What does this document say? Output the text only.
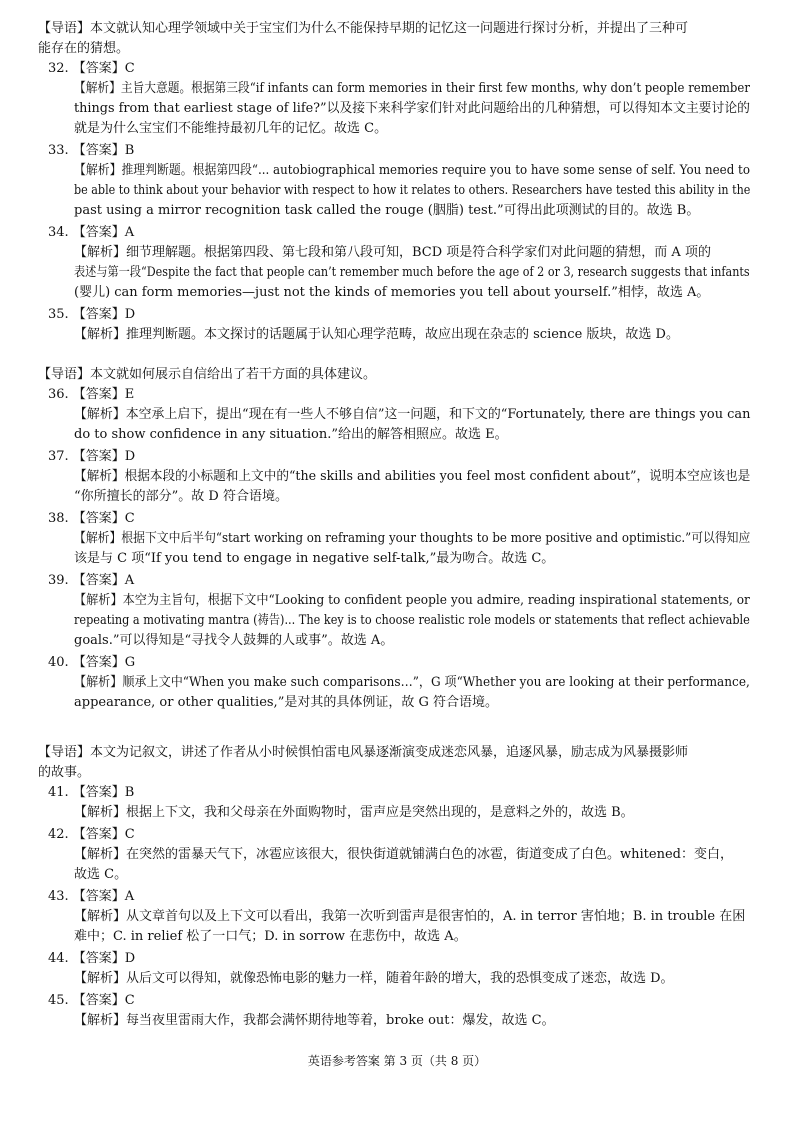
【导语】本文就认知心理学领域中关于宝宝们为什么不能保持早期的记忆这一问题进行探讨分析，并提出了三种可
能存在的猜想。
32. 【答案】C
【解析】主旨大意题。根据第三段“if infants can form memories in their first few months, why don’t people remember
things from that earliest stage of life?”以及接下来科学家们针对此问题给出的几种猜想，可以得知本文主要讨论的
就是为什么宝宝们不能维持最初几年的记忆。故选 C。
33. 【答案】B
【解析】推理判断题。根据第四段“... autobiographical memories require you to have some sense of self. You need to
be able to think about your behavior with respect to how it relates to others. Researchers have tested this ability in the
past using a mirror recognition task called the rouge (胭脂) test.”可得出此项测试的目的。故选 B。
34. 【答案】A
【解析】细节理解题。根据第四段、第七段和第八段可知，BCD 项是符合科学家们对此问题的猜想，而 A 项的
表述与第一段“Despite the fact that people can’t remember much before the age of 2 or 3, research suggests that infants
(婴儿) can form memories—just not the kinds of memories you tell about yourself.”相悖，故选 A。
35. 【答案】D
【解析】推理判断题。本文探讨的话题属于认知心理学范畴，故应出现在杂志的 science 版块，故选 D。
【导语】本文就如何展示自信给出了若干方面的具体建议。
36. 【答案】E
【解析】本空承上启下，提出“现在有一些人不够自信”这一问题，和下文的“Fortunately, there are things you can
do to show confidence in any situation.”给出的解答相照应。故选 E。
37. 【答案】D
【解析】根据本段的小标题和上文中的“the skills and abilities you feel most confident about”，说明本空应该也是
“你所擅长的部分”。故 D 符合语境。
38. 【答案】C
【解析】根据下文中后半句“start working on reframing your thoughts to be more positive and optimistic.”可以得知应
该是与 C 项“If you tend to engage in negative self-talk,”最为吻合。故选 C。
39. 【答案】A
【解析】本空为主旨句，根据下文中“Looking to confident people you admire, reading inspirational statements, or
repeating a motivating mantra (祷告)... The key is to choose realistic role models or statements that reflect achievable
goals.”可以得知是“寻找令人鼓舞的人或事”。故选 A。
40. 【答案】G
【解析】顺承上文中“When you make such comparisons…”，G 项“Whether you are looking at their performance,
appearance, or other qualities,”是对其的具体例证，故 G 符合语境。
【导语】本文为记叙文，讲述了作者从小时候惧怕雷电风暴逐渐演变成迷恋风暴，追逐风暴，励志成为风暴摄影师
的故事。
41. 【答案】B
【解析】根据上下文，我和父母亲在外面购物时，雷声应是突然出现的，是意料之外的，故选 B。
42. 【答案】C
【解析】在突然的雷暴天气下，冰雹应该很大，很快街道就铺满白色的冰雹，街道变成了白色。whitened：变白，
故选 C。
43. 【答案】A
【解析】从文章首句以及上下文可以看出，我第一次听到雷声是很害怕的，A. in terror 害怕地；B. in trouble 在困
难中；C. in relief 松了一口气；D. in sorrow 在悲伤中，故选 A。
44. 【答案】D
【解析】从后文可以得知，就像恐怖电影的魅力一样，随着年龄的增大，我的恐惧变成了迷恋，故选 D。
45. 【答案】C
【解析】每当夜里雷雨大作，我都会满怀期待地等着，broke out：爆发，故选 C。
英语参考答案 第 3 页（共 8 页）
